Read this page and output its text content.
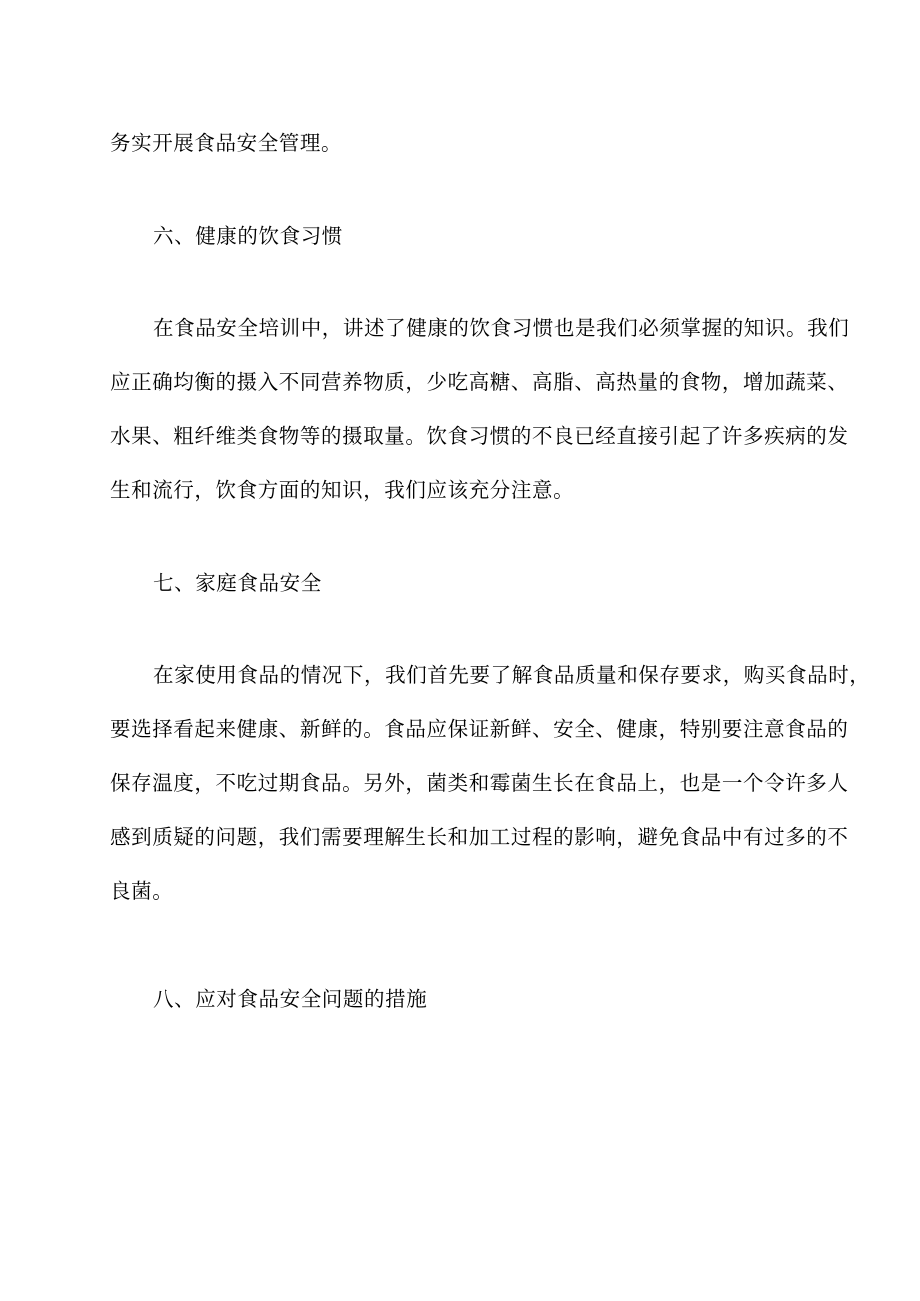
务实开展食品安全管理。
六、健康的饮食习惯
在食品安全培训中，讲述了健康的饮食习惯也是我们必须掌握的知识。我们
应正确均衡的摄入不同营养物质，少吃高糖、高脂、高热量的食物，增加蔬菜、
水果、粗纤维类食物等的摄取量。饮食习惯的不良已经直接引起了许多疾病的发
生和流行，饮食方面的知识，我们应该充分注意。
七、家庭食品安全
在家使用食品的情况下，我们首先要了解食品质量和保存要求，购买食品时，
要选择看起来健康、新鲜的。食品应保证新鲜、安全、健康，特别要注意食品的
保存温度，不吃过期食品。另外，菌类和霉菌生长在食品上，也是一个令许多人
感到质疑的问题，我们需要理解生长和加工过程的影响，避免食品中有过多的不
良菌。
八、应对食品安全问题的措施
